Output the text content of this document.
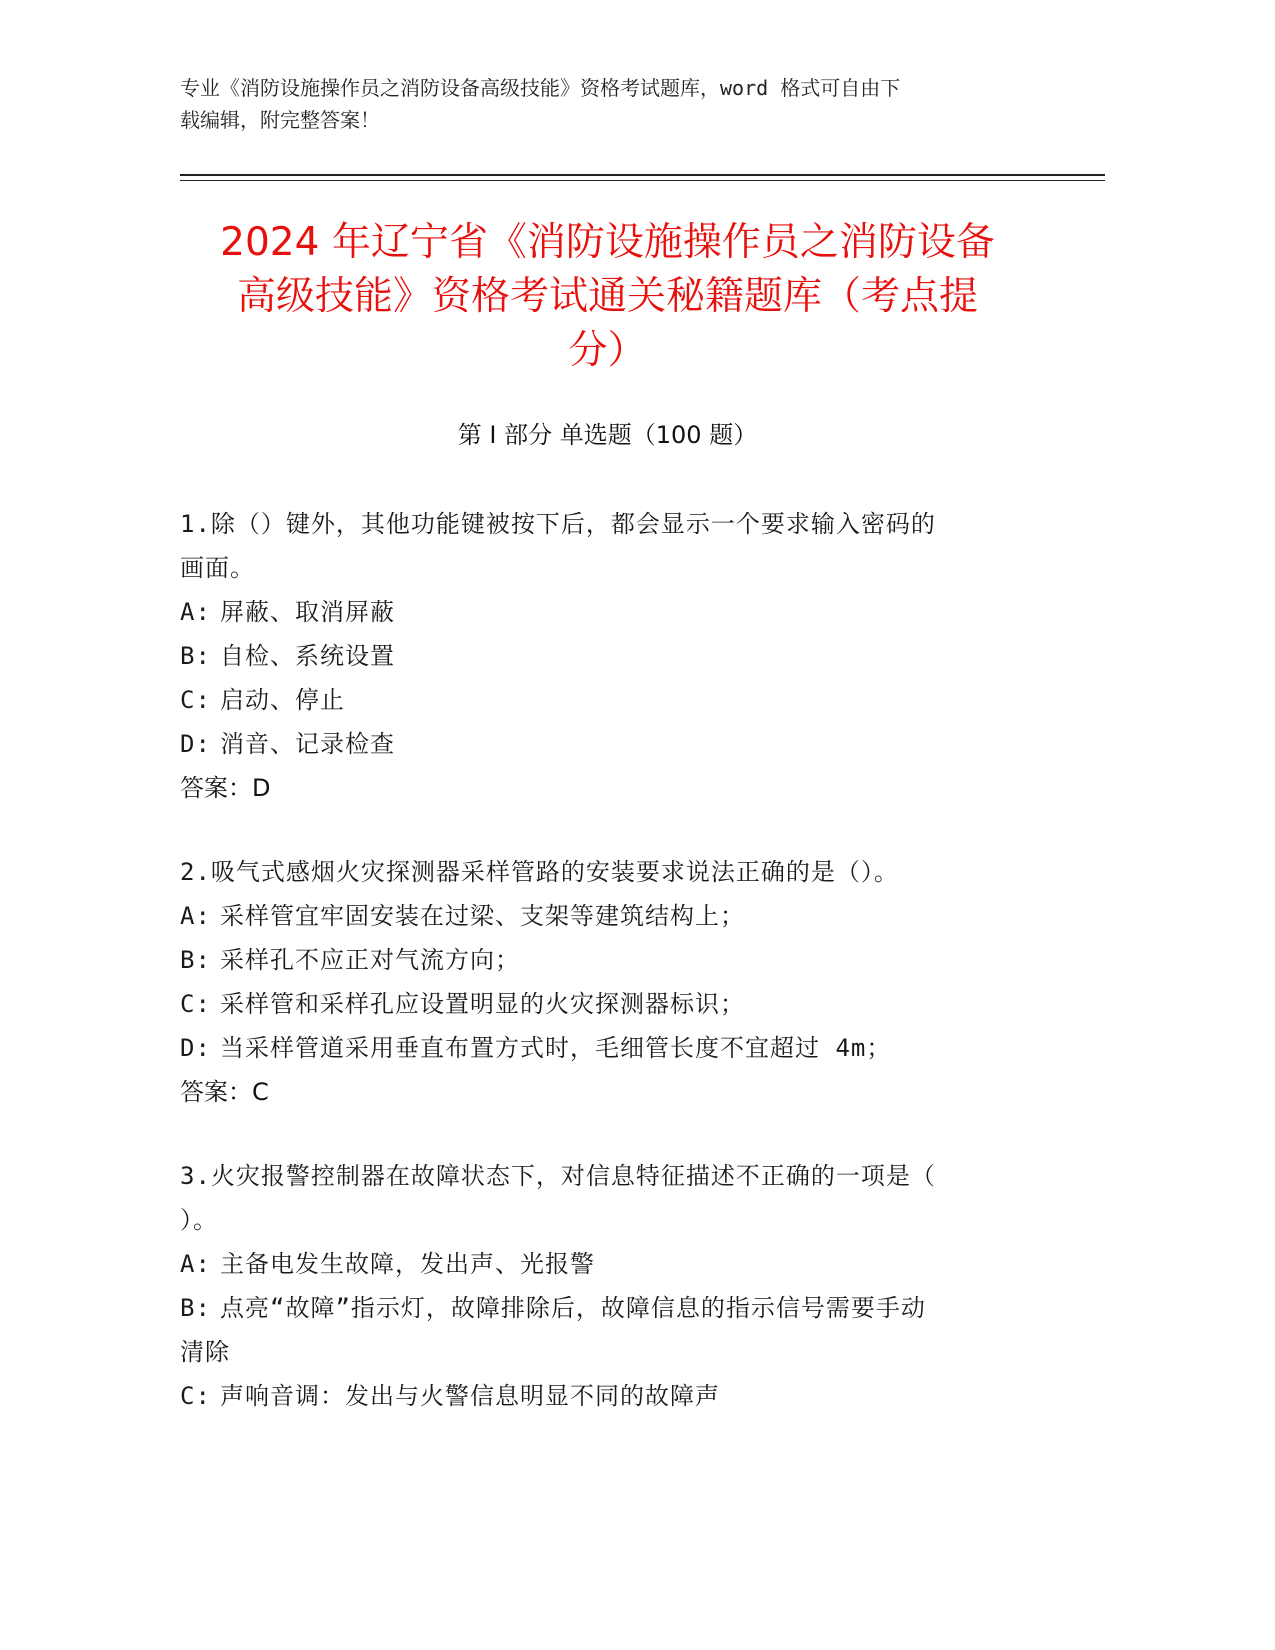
专业《消防设施操作员之消防设备高级技能》资格考试题库，word 格式可自由下
载编辑，附完整答案！
2024 年辽宁省《消防设施操作员之消防设备
高级技能》资格考试通关秘籍题库（考点提
分）
第 I 部分 单选题（100 题）
1.除（）键外，其他功能键被按下后，都会显示一个要求输入密码的
画面。
A: 屏蔽、取消屏蔽
B: 自检、系统设置
C: 启动、停止
D: 消音、记录检查
答案：D
2.吸气式感烟火灾探测器采样管路的安装要求说法正确的是（）。
A: 采样管宜牢固安装在过梁、支架等建筑结构上；
B: 采样孔不应正对气流方向；
C: 采样管和采样孔应设置明显的火灾探测器标识；
D: 当采样管道采用垂直布置方式时，毛细管长度不宜超过 4m；
答案：C
3.火灾报警控制器在故障状态下，对信息特征描述不正确的一项是（
）。
A: 主备电发生故障，发出声、光报警
B: 点亮“故障”指示灯，故障排除后，故障信息的指示信号需要手动
清除
C: 声响音调：发出与火警信息明显不同的故障声
